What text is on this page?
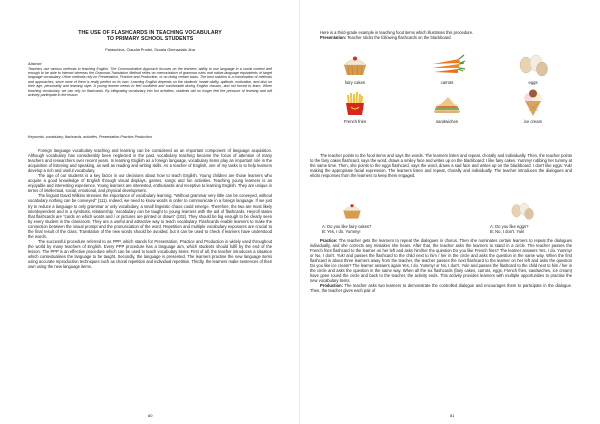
THE USE OF FLASHCARDS IN TEACHING VOCABULARY
TO PRIMARY SCHOOL STUDENTS
Paraschiva, Claudia Prodei, Scoala Gimnaziala Jina
Abstract
Teachers use various methods in teaching English. The Communicative Approach focuses on the learners' ability to use language in a social context well enough to be able to interact whereas the Grammar-Translation Method relies on memorization of grammar rules and native-language equivalents of target language vocabulary. Other methods rely on Presentation, Practice and Production, or on doing certain tasks. The best solution is a combination of methods and approaches, since none of them is really perfect on its own. Learning English depends on the students' innate ability, aptitude, motivation, and also on their age, personality and learning style. A young learner needs to feel confident and comfortable during English classes, and not forced to learn. When teaching vocabulary, we can rely on flashcards. By integrating vocabulary into fun activities, students will no longer feel the pressure of learning and will actively participate in the lesson.
Keywords: vocabulary, flashcards, activities, Presentation-Practice-Production

Foreign language vocabulary teaching and learning can be considered as an important component of language acquisition. Although vocabulary has considerably been neglected in the past, vocabulary teaching became the focus of attention of many teachers and researchers over recent years. In learning English as a foreign language, vocabulary items play an important role in the acquisition of listening and speaking, as well as reading and writing skills. As a teacher of English, one of my tasks is to help learners develop a rich and useful vocabulary.

The age of our students is a key factor in our decisions about how to teach English. Young children are those learners who acquire a good knowledge of English through visual displays, games, songs and fun activities. Teaching young learners is an enjoyable and interesting experience. Young learners are interested, enthusiastic and receptive to learning English. They are unique in terms of intellectual, social, emotional, and physical development.

The linguist David Wilkins stresses the importance of vocabulary learning, "Without grammar very little can be conveyed, without vocabulary nothing can be conveyed" (111). Indeed, we need to know words in order to communicate in a foreign language. If we just try to reduce a language to only grammar or only vocabulary, a small lingvistic chaos could emerge. Therefore, the two are most likely interdependent and in a symbiotic relationship. Vocabulary can be taught to young learners with the aid of flashcards. Heyroll states that flashcards are "cards on which words and / or pictures are printed or drawn" (102). They should be big enough to be clearly seen by every student in the classroom. They are a useful and attractive way to teach vocabulary. Flashcards enable learners to make the connection between the visual prompt and the pronunciation of the word. Repetition and multiple vocabulary exposures are crucial to the final result of the class. Translation of the new words should be avoided, but it can be used to check if learners have understood the words.

The successful procedure referred to as PPP, which stands for Presentation, Practice and Production is widely used throughout the world by many teachers of English. Every PPP procedure has a language aim, which students should fulfil by the end of the lesson. The PPP is an effective procedure which can be used to teach vocabulary items. First of all, the teacher introduces a situation which contextualises the language to be taught. Secondly, the language is presented. The learners practise the new language items using accurate reproduction techniques such as choral repetition and individual repetition. Thirdly, the learners make sentences of their own using the new language items.

80

Here is a third-grade example in teaching food items which illustrates this procedure.

Presentation: Teacher sticks the following flashcards on the blackboard.

fairy cakes	carrots	eggs
French fries	sandwiches	ice cream

The teacher points to the food items and says the words. The learners listen and repeat, chorally and individually. Then, the teacher points to the fairy cakes flashcard, says the word, draws a smiley face and writes up on the blackboard: I like fairy cakes. Yummy! rubbing her tummy at the same time. Then, she points to the eggs flashcard, says the word, draws a sad face and writes up on the blackboard: I don't like eggs. Yuk! making the appropriate facial expression. The learners listen and repeat, chorally and individually. The teacher introduces the dialogues and elicits responses from the learners to keep them engaged.

A: Do you like fairy cakes?
B: Yes, I do. Yummy!
A: Do you like eggs?
B: No, I don't. Yuk!

Practice: The teacher gets the learners to repeat the dialogues in chorus. Then she nominates certain learners to repeat the dialogues individually, and she corrects any mistakes she hears. After that, the teacher asks the learners to stand in a circle. The teacher passes the French fries flashcard to the learner on her left and asks him/her the question Do you like French fries? The learner answers Yes, I do. Yummy! or No, I don't. Yuk! and passes the flashcard to the child next to him / her in the circle and asks the question in the same way. When the first flashcard is about three learners away from the teacher, the teacher passes the next flashcard to the learner on her left and asks the question Do you like ice cream? The learner answers again Yes, I do. Yummy! or No, I don't. Yuk! and passes the flashcard to the child next to him / her in the circle and asks the question in the same way. When all the six flashcards (fairy cakes, carrots, eggs, French fries, sandwiches, ice cream) have gone round the circle and back to the teacher, the activity ends. This activity provides learners with multiple opportunities to practise the new vocabulary items.

Production: The teacher asks two learners to demonstrate the controlled dialogue and encourages them to participate in the dialogue. Then, the teacher gives each pair of

81
